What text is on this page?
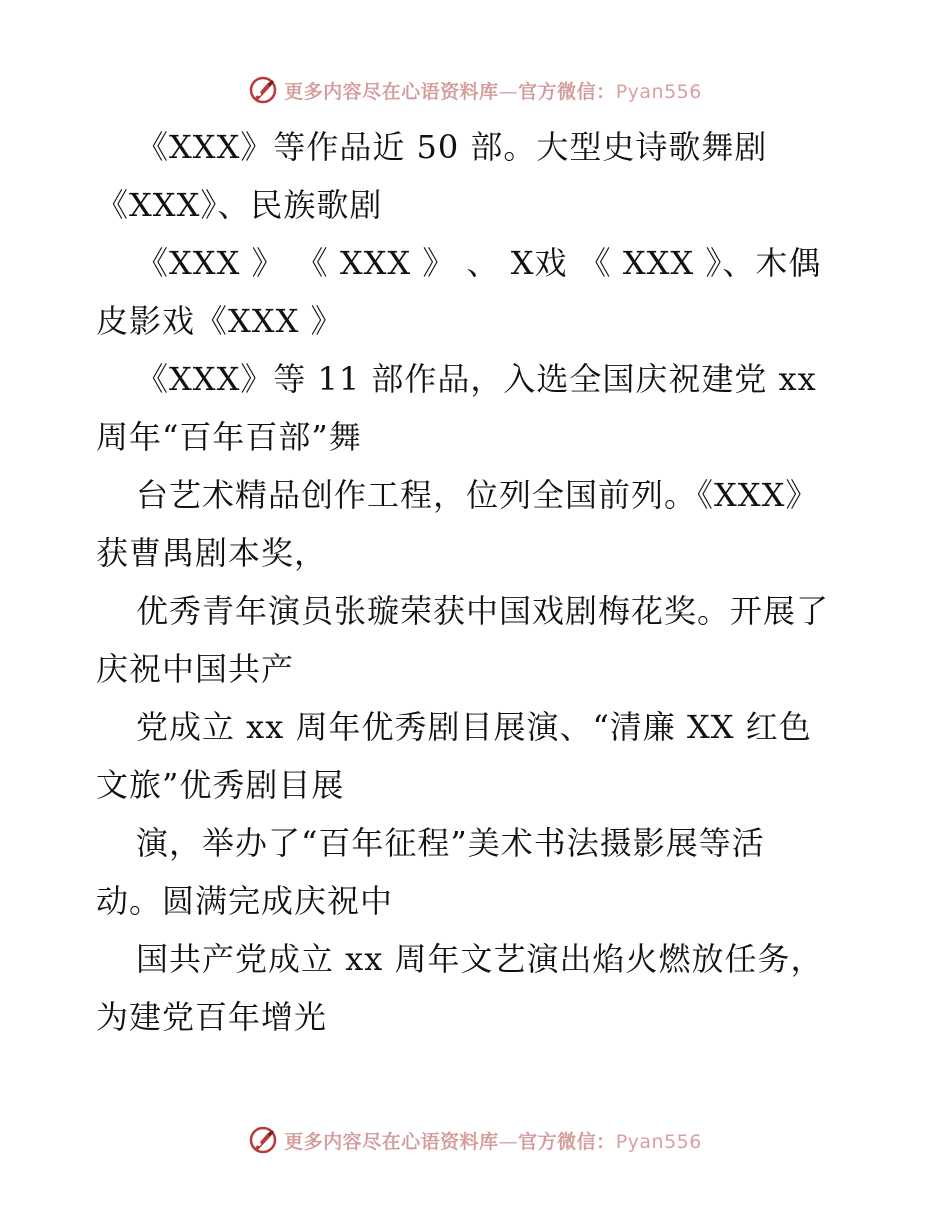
更多内容尽在心语资料库—官方微信：Pyan556
《XXX》等作品近 50 部。大型史诗歌舞剧
《XXX》、民族歌剧
《XXX 》 《 XXX 》 、 X戏 《 XXX 》、木偶
皮影戏《XXX 》
《XXX》等 11 部作品，入选全国庆祝建党 xx
周年“百年百部”舞
台艺术精品创作工程，位列全国前列。《XXX》
获曹禺剧本奖，
优秀青年演员张璇荣获中国戏剧梅花奖。开展了
庆祝中国共产
党成立 xx 周年优秀剧目展演、“清廉 XX 红色
文旅”优秀剧目展
演，举办了“百年征程”美术书法摄影展等活
动。圆满完成庆祝中
国共产党成立 xx 周年文艺演出焰火燃放任务，
为建党百年增光
更多内容尽在心语资料库—官方微信：Pyan556
